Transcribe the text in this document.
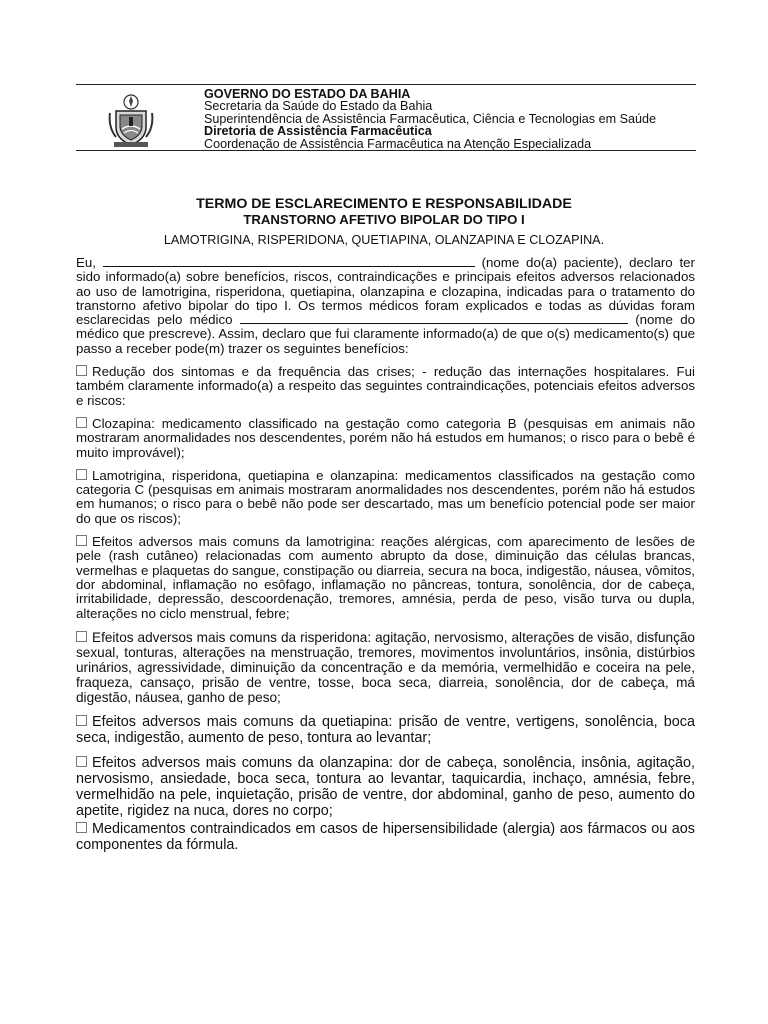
GOVERNO DO ESTADO DA BAHIA
Secretaria da Saúde do Estado da Bahia
Superintendência de Assistência Farmacêutica, Ciência e Tecnologias em Saúde
Diretoria de Assistência Farmacêutica
Coordenação de Assistência Farmacêutica na Atenção Especializada
TERMO DE ESCLARECIMENTO E RESPONSABILIDADE
TRANSTORNO AFETIVO BIPOLAR DO TIPO I
LAMOTRIGINA, RISPERIDONA, QUETIAPINA, OLANZAPINA E CLOZAPINA.

Eu,	(nome do(a) paciente), declaro ter sido informado(a) sobre benefícios, riscos, contraindicações e principais efeitos adversos relacionados ao uso de lamotrigina, risperidona, quetiapina, olanzapina e clozapina, indicadas para o tratamento do transtorno afetivo bipolar do tipo I. Os termos médicos foram explicados e todas as dúvidas foram esclarecidas pelo médico	(nome do médico que prescreve). Assim, declaro que fui claramente informado(a) de que o(s) medicamento(s) que passo a receber pode(m) trazer os seguintes benefícios:

Redução dos sintomas e da frequência das crises; - redução das internações hospitalares. Fui também claramente informado(a) a respeito das seguintes contraindicações, potenciais efeitos adversos e riscos:

Clozapina: medicamento classificado na gestação como categoria B (pesquisas em animais não mostraram anormalidades nos descendentes, porém não há estudos em humanos; o risco para o bebê é muito improvável);

Lamotrigina, risperidona, quetiapina e olanzapina: medicamentos classificados na gestação como categoria C (pesquisas em animais mostraram anormalidades nos descendentes, porém não há estudos em humanos; o risco para o bebê não pode ser descartado, mas um benefício potencial pode ser maior do que os riscos);

Efeitos adversos mais comuns da lamotrigina: reações alérgicas, com aparecimento de lesões de pele (rash cutâneo) relacionadas com aumento abrupto da dose, diminuição das células brancas, vermelhas e plaquetas do sangue, constipação ou diarreia, secura na boca, indigestão, náusea, vômitos, dor abdominal, inflamação no esôfago, inflamação no pâncreas, tontura, sonolência, dor de cabeça, irritabilidade, depressão, descoordenação, tremores, amnésia, perda de peso, visão turva ou dupla, alterações no ciclo menstrual, febre;

Efeitos adversos mais comuns da risperidona: agitação, nervosismo, alterações de visão, disfunção sexual, tonturas, alterações na menstruação, tremores, movimentos involuntários, insônia, distúrbios urinários, agressividade, diminuição da concentração e da memória, vermelhidão e coceira na pele, fraqueza, cansaço, prisão de ventre, tosse, boca seca, diarreia, sonolência, dor de cabeça, má digestão, náusea, ganho de peso;

Efeitos adversos mais comuns da quetiapina: prisão de ventre, vertigens, sonolência, boca seca, indigestão, aumento de peso, tontura ao levantar;

Efeitos adversos mais comuns da olanzapina: dor de cabeça, sonolência, insônia, agitação, nervosismo, ansiedade, boca seca, tontura ao levantar, taquicardia, inchaço, amnésia, febre, vermelhidão na pele, inquietação, prisão de ventre, dor abdominal, ganho de peso, aumento do apetite, rigidez na nuca, dores no corpo;

Medicamentos contraindicados em casos de hipersensibilidade (alergia) aos fármacos ou aos componentes da fórmula.
